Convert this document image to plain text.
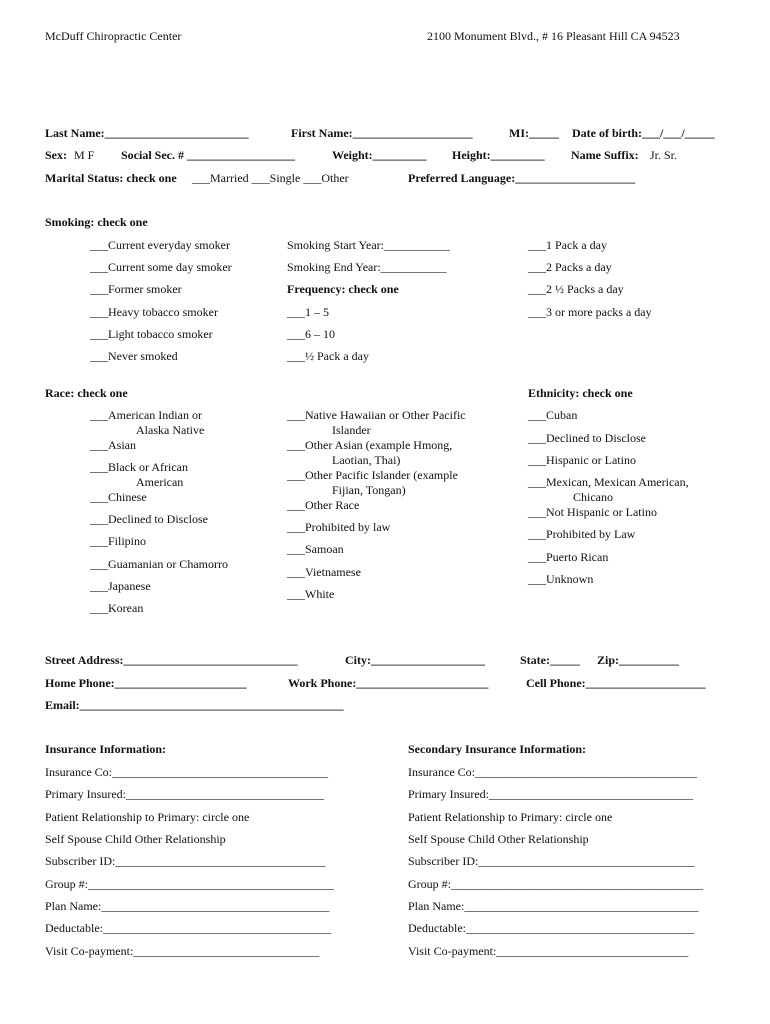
McDuff Chiropractic Center	2100 Monument Blvd., # 16 Pleasant Hill CA 94523
Last Name:________________________	First Name:____________________	MI:_____ Date of birth:___/___/_____
Sex: M F Social Sec. # __________________	Weight:_________ Height:_________ Name Suffix: Jr. Sr.
Marital Status: check one ___Married ___Single ___Other	Preferred Language:____________________
Smoking: check one
___Current everyday smoker
___Current some day smoker
___Former smoker
___Heavy tobacco smoker
___Light tobacco smoker
___Never smoked
Smoking Start Year:___________
Smoking End Year:___________
Frequency: check one
___1 – 5
___6 – 10
___½ Pack a day
___1 Pack a day
___2 Packs a day
___2 ½ Packs a day
___3 or more packs a day
Race: check one	Ethnicity: check one
___American Indian or
Alaska Native
___Asian
___Black or African
American
___Chinese
___Declined to Disclose
___Filipino
___Guamanian or Chamorro
___Japanese
___Korean
___Native Hawaiian or Other Pacific
Islander
___Other Asian (example Hmong,
Laotian, Thai)
___Other Pacific Islander (example
Fijian, Tongan)
___Other Race
___Prohibited by law
___Samoan
___Vietnamese
___White
___Cuban
___Declined to Disclose
___Hispanic or Latino
___Mexican, Mexican American,
Chicano
___Not Hispanic or Latino
___Prohibited by Law
___Puerto Rican
___Unknown
Street Address:_____________________________	City:___________________	State:_____ Zip:__________
Home Phone:______________________	Work Phone:______________________	Cell Phone:____________________
Email:____________________________________________
Insurance Information:	Secondary Insurance Information:
Insurance Co:____________________________________
Primary Insured:_________________________________
Patient Relationship to Primary: circle one
Self Spouse Child Other Relationship
Subscriber ID:___________________________________
Group #:_________________________________________
Plan Name:______________________________________
Deductable:______________________________________
Visit Co-payment:_______________________________
Insurance Co:_____________________________________
Primary Insured:__________________________________
Patient Relationship to Primary: circle one
Self Spouse Child Other Relationship
Subscriber ID:____________________________________
Group #:__________________________________________
Plan Name:_______________________________________
Deductable:______________________________________
Visit Co-payment:________________________________
